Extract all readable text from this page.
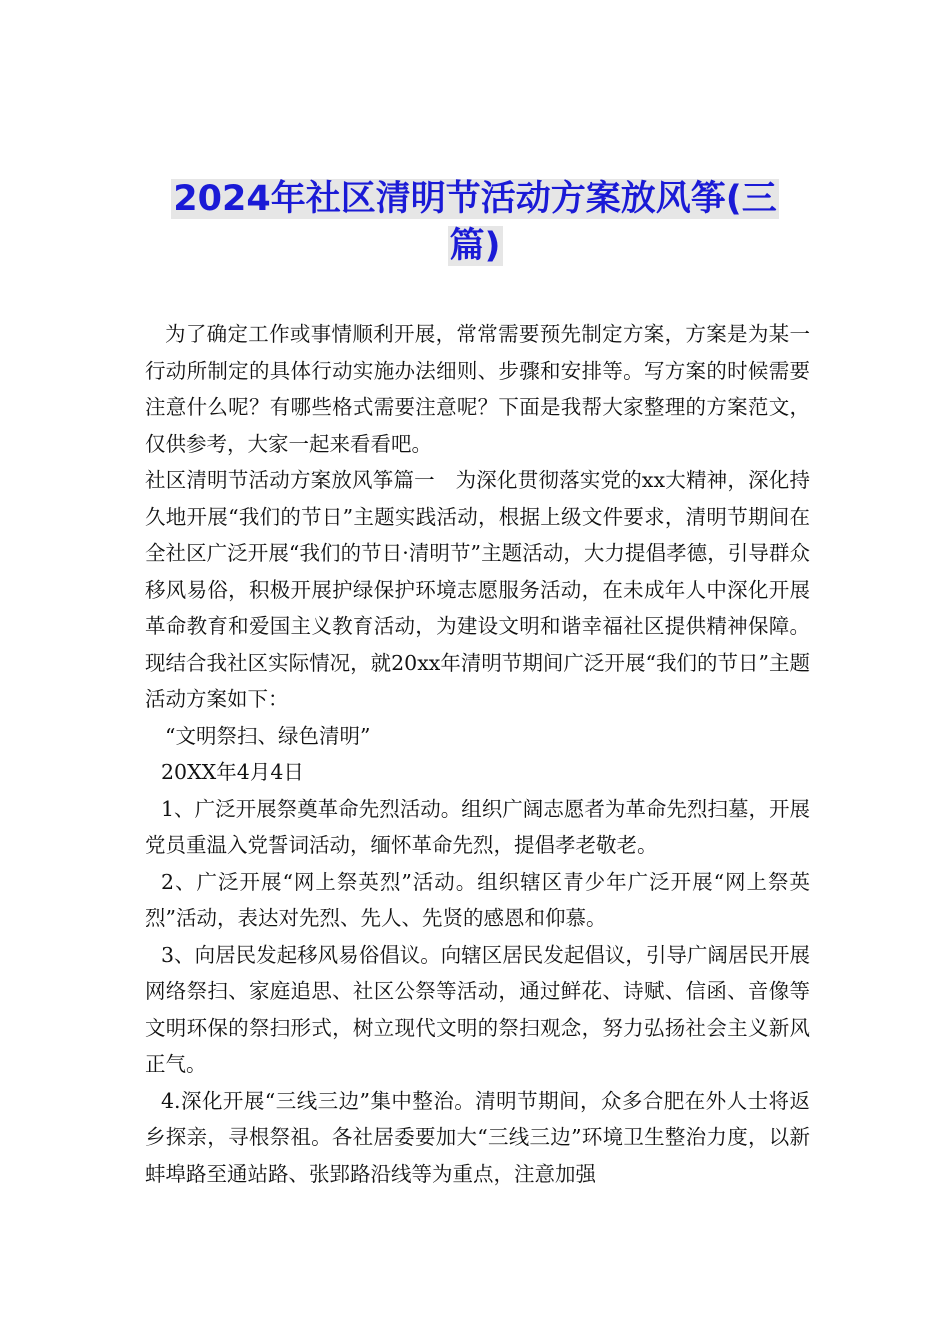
2024年社区清明节活动方案放风筝(三
篇)

为了确定工作或事情顺利开展，常常需要预先制定方案，方案是为某一行动所制定的具体行动实施办法细则、步骤和安排等。写方案的时候需要注意什么呢？有哪些格式需要注意呢？下面是我帮大家整理的方案范文，仅供参考，大家一起来看看吧。

社区清明节活动方案放风筝篇一　为深化贯彻落实党的xx大精神，深化持久地开展“我们的节日”主题实践活动，根据上级文件要求，清明节期间在全社区广泛开展“我们的节日·清明节”主题活动，大力提倡孝德，引导群众移风易俗，积极开展护绿保护环境志愿服务活动，在未成年人中深化开展革命教育和爱国主义教育活动，为建设文明和谐幸福社区提供精神保障。现结合我社区实际情况，就20xx年清明节期间广泛开展“我们的节日”主题活动方案如下：

“文明祭扫、绿色清明”

20XX年4月4日

1、广泛开展祭奠革命先烈活动。组织广阔志愿者为革命先烈扫墓，开展党员重温入党誓词活动，缅怀革命先烈，提倡孝老敬老。

2、广泛开展“网上祭英烈”活动。组织辖区青少年广泛开展“网上祭英烈”活动，表达对先烈、先人、先贤的感恩和仰慕。

3、向居民发起移风易俗倡议。向辖区居民发起倡议，引导广阔居民开展网络祭扫、家庭追思、社区公祭等活动，通过鲜花、诗赋、信函、音像等文明环保的祭扫形式，树立现代文明的祭扫观念，努力弘扬社会主义新风正气。

4.深化开展“三线三边”集中整治。清明节期间，众多合肥在外人士将返乡探亲，寻根祭祖。各社居委要加大“三线三边”环境卫生整治力度，以新蚌埠路至通站路、张郢路沿线等为重点，注意加强
